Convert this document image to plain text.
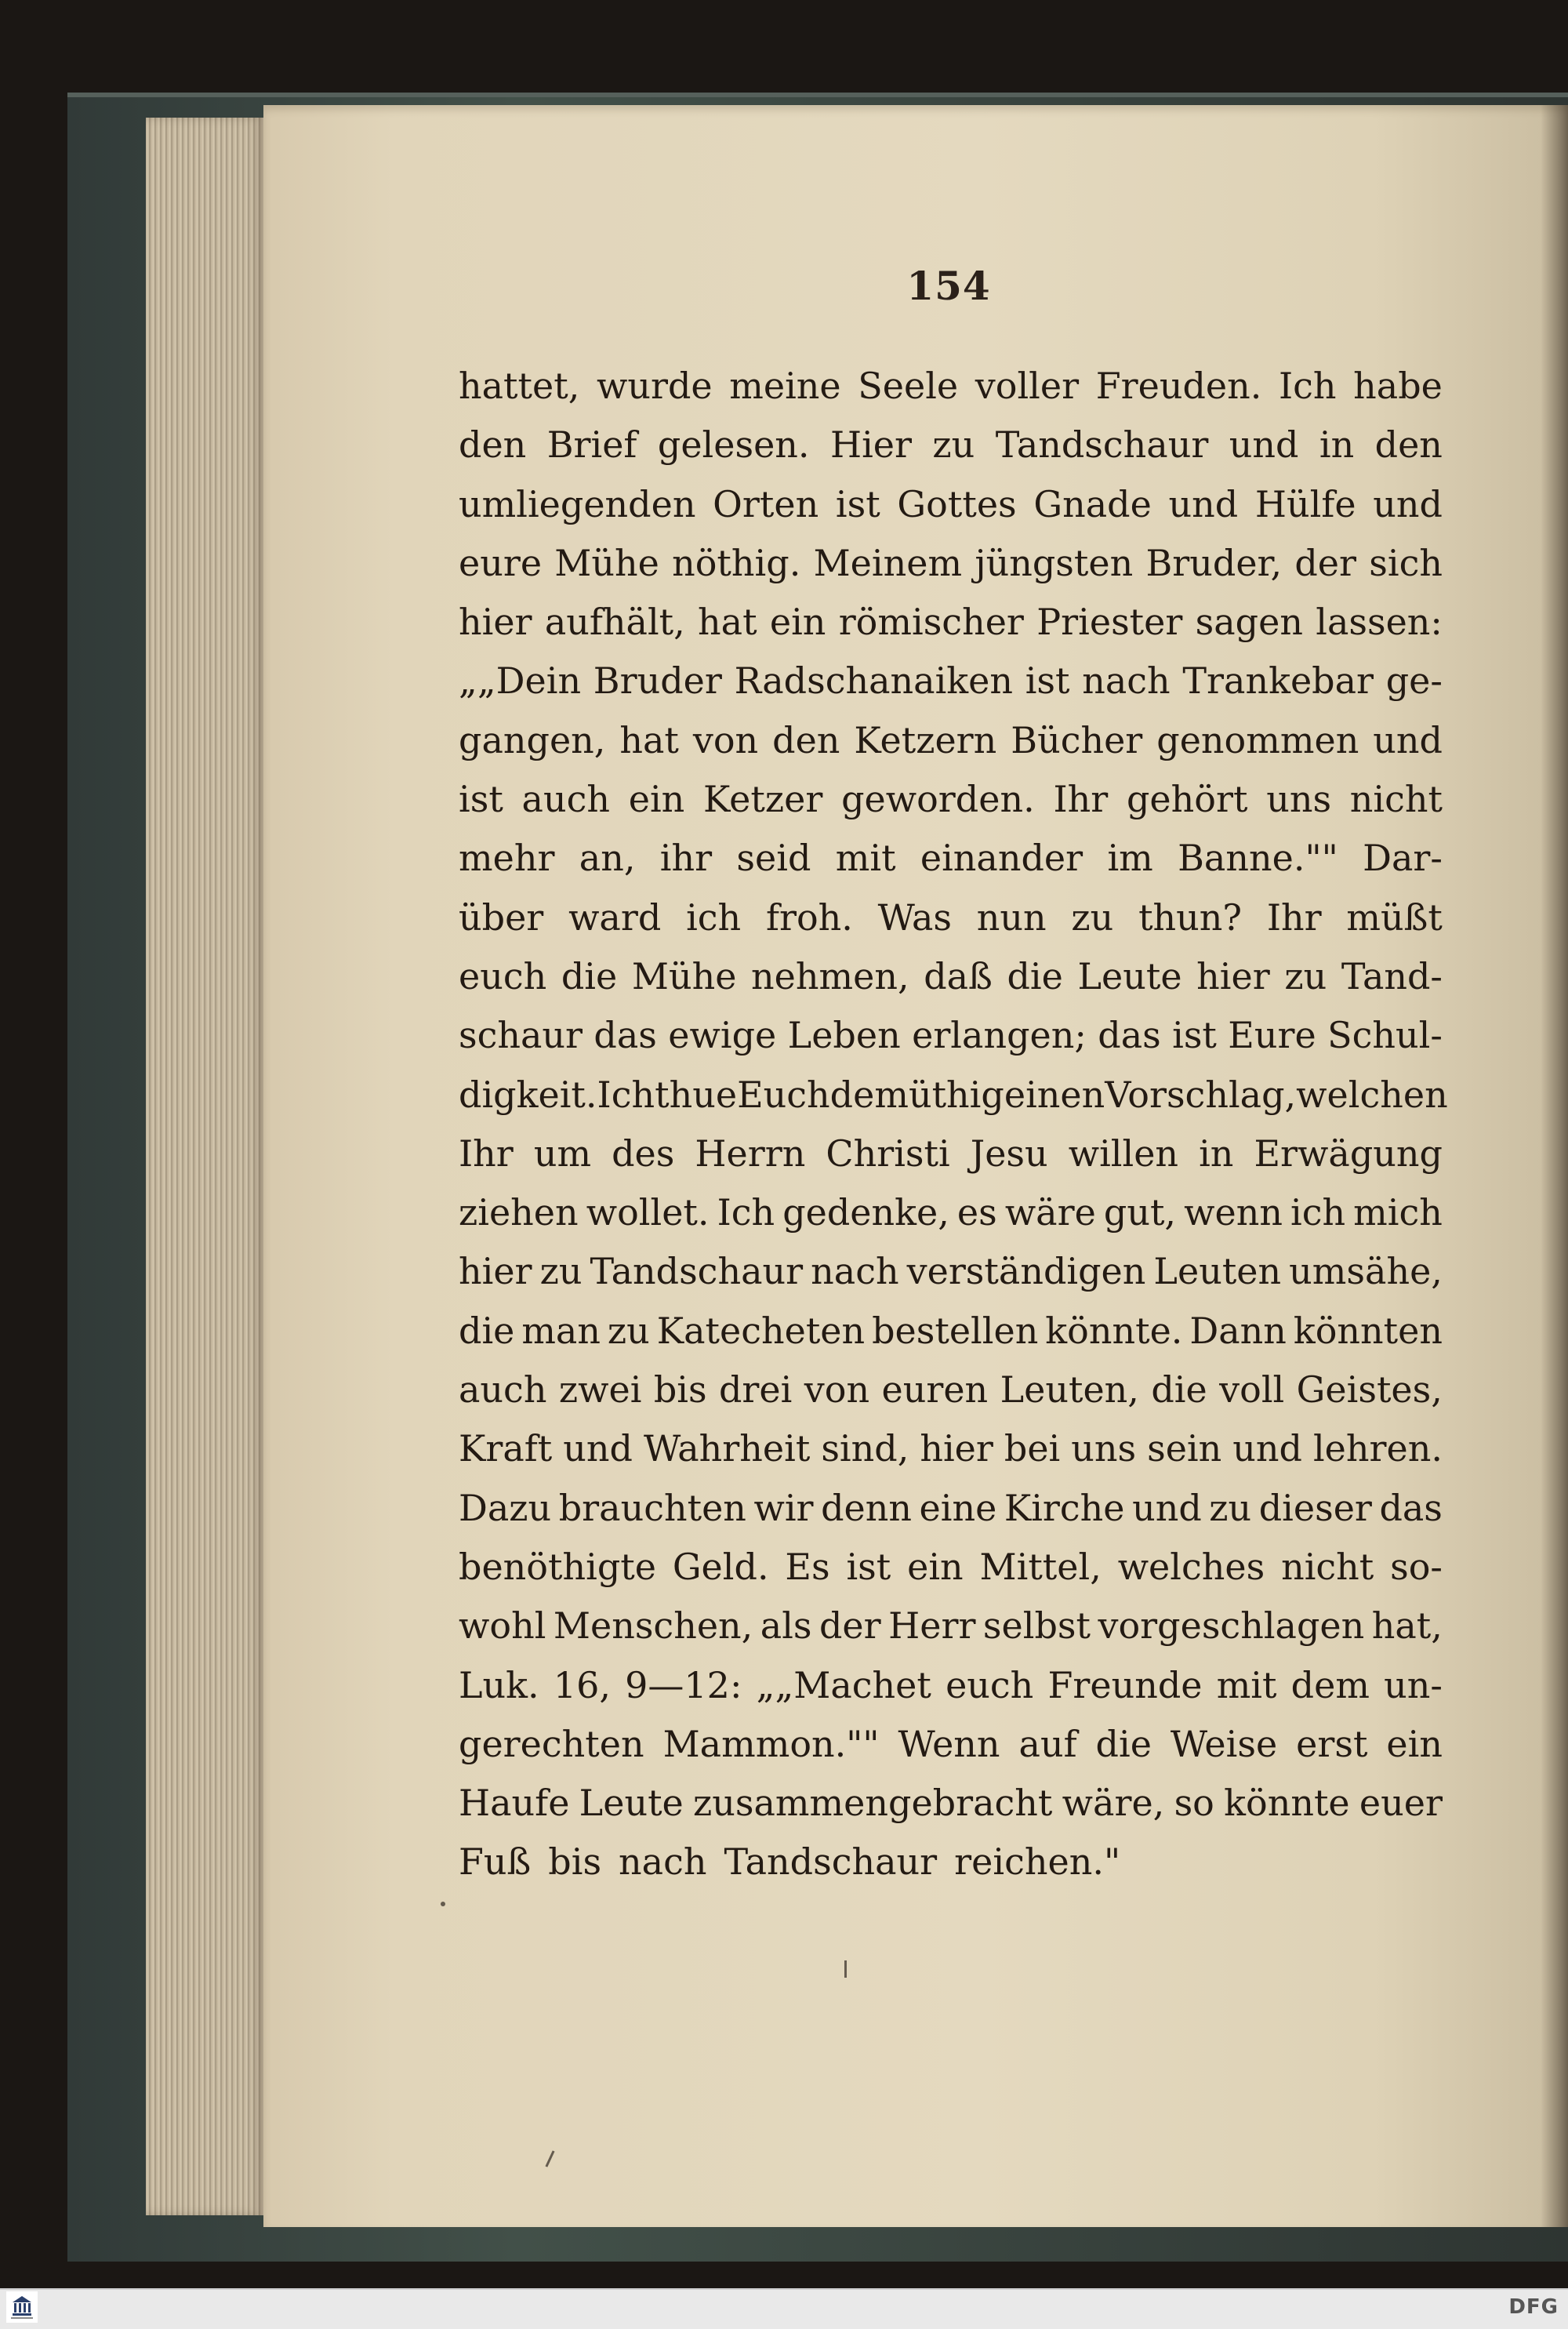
154
hattet, wurde meine Seele voller Freuden. Ich habe
den Brief gelesen. Hier zu Tandschaur und in den
umliegenden Orten ist Gottes Gnade und Hülfe und
eure Mühe nöthig. Meinem jüngsten Bruder, der sich
hier aufhält, hat ein römischer Priester sagen lassen:
„„Dein Bruder Radschanaiken ist nach Trankebar ge-
gangen, hat von den Ketzern Bücher genommen und
ist auch ein Ketzer geworden. Ihr gehört uns nicht
mehr an, ihr seid mit einander im Banne."" Dar-
über ward ich froh. Was nun zu thun? Ihr müßt
euch die Mühe nehmen, daß die Leute hier zu Tand-
schaur das ewige Leben erlangen; das ist Eure Schul-
digkeit. Ich thue Euch demüthig einen Vorschlag, welchen
Ihr um des Herrn Christi Jesu willen in Erwägung
ziehen wollet. Ich gedenke, es wäre gut, wenn ich mich
hier zu Tandschaur nach verständigen Leuten umsähe,
die man zu Katecheten bestellen könnte. Dann könnten
auch zwei bis drei von euren Leuten, die voll Geistes,
Kraft und Wahrheit sind, hier bei uns sein und lehren.
Dazu brauchten wir denn eine Kirche und zu dieser das
benöthigte Geld. Es ist ein Mittel, welches nicht so-
wohl Menschen, als der Herr selbst vorgeschlagen hat,
Luk. 16, 9—12: „„Machet euch Freunde mit dem un-
gerechten Mammon."" Wenn auf die Weise erst ein
Haufe Leute zusammengebracht wäre, so könnte euer
Fuß bis nach Tandschaur reichen."
DFG
